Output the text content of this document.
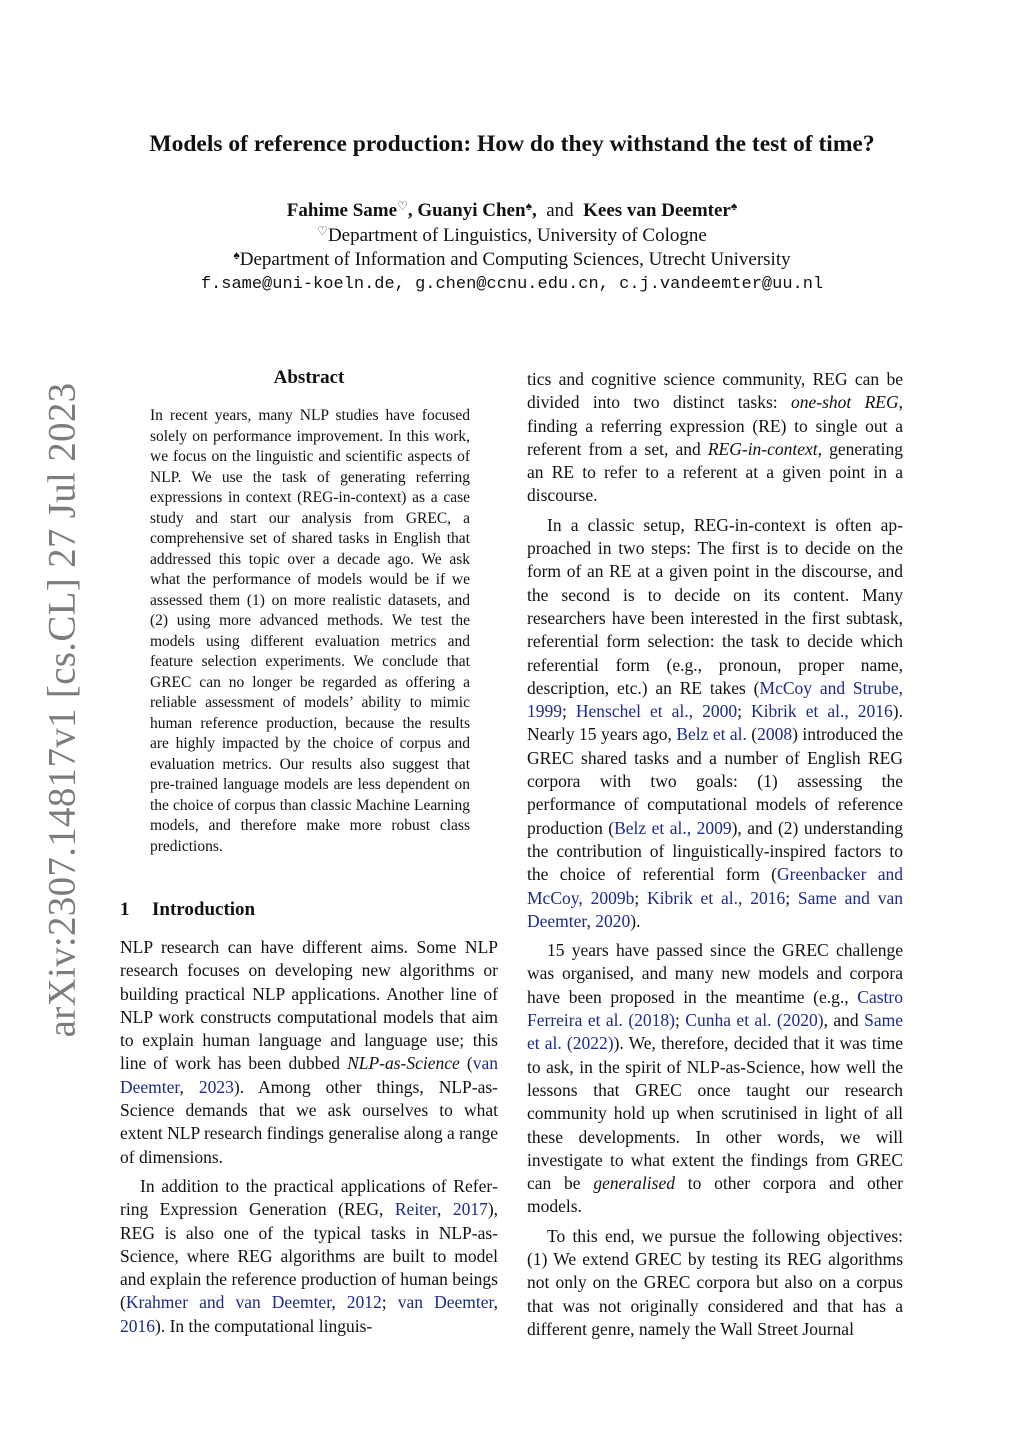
arXiv:2307.14817v1 [cs.CL] 27 Jul 2023
Models of reference production: How do they withstand the test of time?
Fahime Same♡, Guanyi Chen♠, and Kees van Deemter♠
♡Department of Linguistics, University of Cologne
♠Department of Information and Computing Sciences, Utrecht University
f.same@uni-koeln.de, g.chen@ccnu.edu.cn, c.j.vandeemter@uu.nl
Abstract
In recent years, many NLP studies have focused solely on performance improvement. In this work, we focus on the linguistic and scientific aspects of NLP. We use the task of generating referring expressions in context (REG-in-context) as a case study and start our analysis from GREC, a comprehensive set of shared tasks in English that addressed this topic over a decade ago. We ask what the performance of models would be if we assessed them (1) on more realistic datasets, and (2) using more advanced methods. We test the models using different evaluation metrics and feature selection experiments. We conclude that GREC can no longer be regarded as offering a reliable assessment of models’ ability to mimic human reference production, because the results are highly impacted by the choice of corpus and evaluation metrics. Our results also suggest that pre-trained language models are less dependent on the choice of corpus than classic Machine Learning models, and therefore make more robust class predictions.
1 Introduction

NLP research can have different aims. Some NLP research focuses on developing new algorithms or building practical NLP applications. Another line of NLP work constructs computational models that aim to explain human language and language use; this line of work has been dubbed NLP-as-Science (van Deemter, 2023). Among other things, NLP-as-Science demands that we ask ourselves to what extent NLP research findings generalise along a range of dimensions.

In addition to the practical applications of Referring Expression Generation (REG, Reiter, 2017), REG is also one of the typical tasks in NLP-as-Science, where REG algorithms are built to model and explain the reference production of human beings (Krahmer and van Deemter, 2012; van Deemter, 2016). In the computational linguis-

tics and cognitive science community, REG can be divided into two distinct tasks: one-shot REG, finding a referring expression (RE) to single out a referent from a set, and REG-in-context, generating an RE to refer to a referent at a given point in a discourse.

In a classic setup, REG-in-context is often approached in two steps: The first is to decide on the form of an RE at a given point in the discourse, and the second is to decide on its content. Many researchers have been interested in the first subtask, referential form selection: the task to decide which referential form (e.g., pronoun, proper name, description, etc.) an RE takes (McCoy and Strube, 1999; Henschel et al., 2000; Kibrik et al., 2016). Nearly 15 years ago, Belz et al. (2008) introduced the GREC shared tasks and a number of English REG corpora with two goals: (1) assessing the performance of computational models of reference production (Belz et al., 2009), and (2) understanding the contribution of linguistically-inspired factors to the choice of referential form (Greenbacker and McCoy, 2009b; Kibrik et al., 2016; Same and van Deemter, 2020).

15 years have passed since the GREC challenge was organised, and many new models and corpora have been proposed in the meantime (e.g., Castro Ferreira et al. (2018); Cunha et al. (2020), and Same et al. (2022)). We, therefore, decided that it was time to ask, in the spirit of NLP-as-Science, how well the lessons that GREC once taught our research community hold up when scrutinised in light of all these developments. In other words, we will investigate to what extent the findings from GREC can be generalised to other corpora and other models.

To this end, we pursue the following objectives: (1) We extend GREC by testing its REG algorithms not only on the GREC corpora but also on a corpus that was not originally considered and that has a different genre, namely the Wall Street Journal
